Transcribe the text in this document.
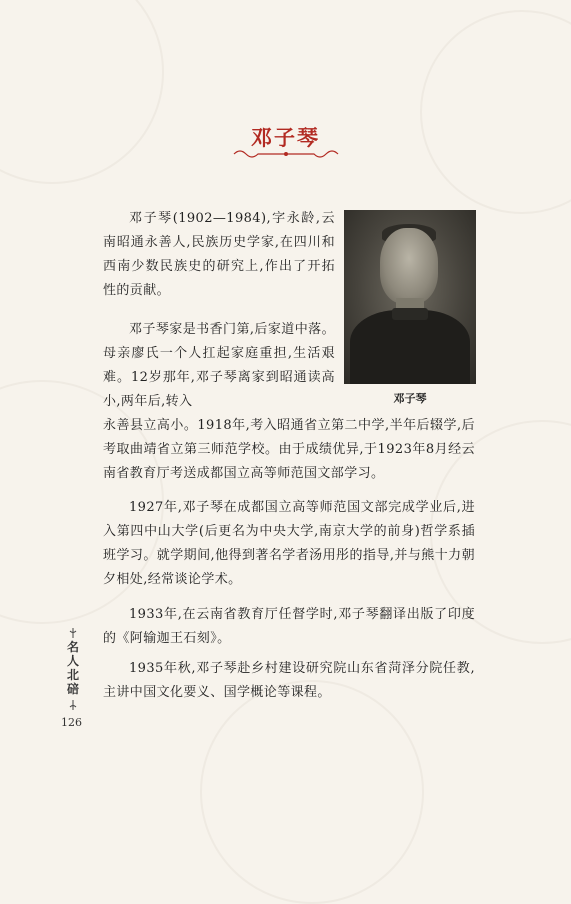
邓子琴
邓子琴

邓子琴(1902—1984),字永龄,云南昭通永善人,民族历史学家,在四川和西南少数民族史的研究上,作出了开拓性的贡献。

邓子琴家是书香门第,后家道中落。母亲廖氏一个人扛起家庭重担,生活艰难。12岁那年,邓子琴离家到昭通读高小,两年后,转入

永善县立高小。1918年,考入昭通省立第二中学,半年后辍学,后考取曲靖省立第三师范学校。由于成绩优异,于1923年8月经云南省教育厅考送成都国立高等师范国文部学习。

1927年,邓子琴在成都国立高等师范国文部完成学业后,进入第四中山大学(后更名为中央大学,南京大学的前身)哲学系插班学习。就学期间,他得到著名学者汤用彤的指导,并与熊十力朝夕相处,经常谈论学术。

1933年,在云南省教育厅任督学时,邓子琴翻译出版了印度的《阿输迦王石刻》。

1935年秋,邓子琴赴乡村建设研究院山东省菏泽分院任教,主讲中国文化要义、国学概论等课程。

名
人
北
碚
126
